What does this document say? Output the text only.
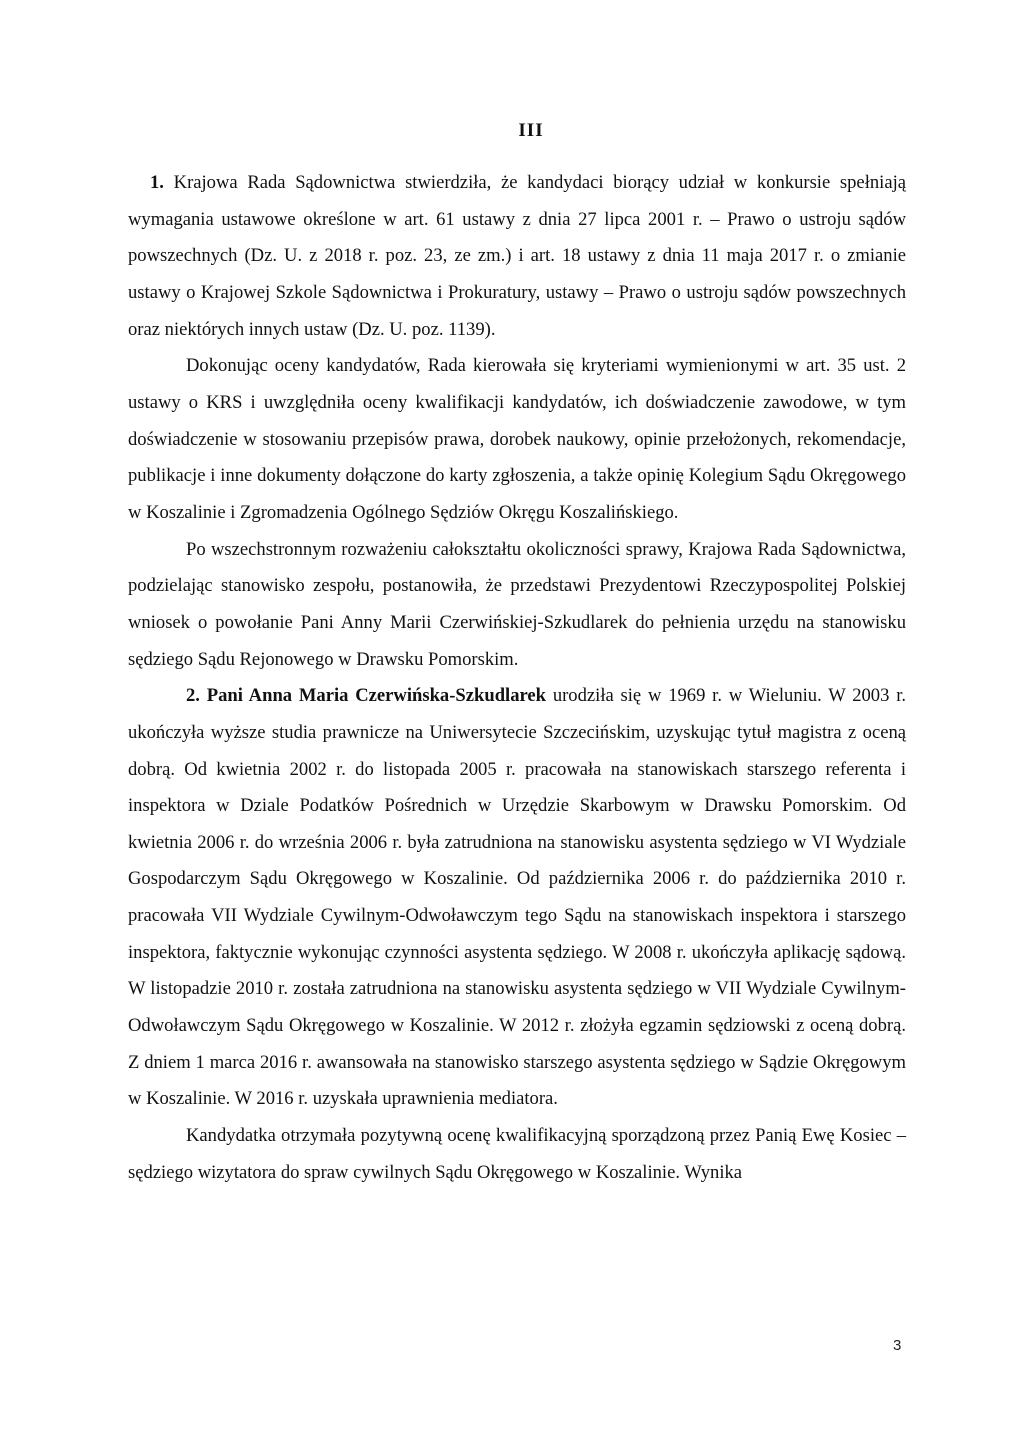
III

1. Krajowa Rada Sądownictwa stwierdziła, że kandydaci biorący udział w konkursie spełniają wymagania ustawowe określone w art. 61 ustawy z dnia 27 lipca 2001 r. – Prawo o ustroju sądów powszechnych (Dz. U. z 2018 r. poz. 23, ze zm.) i art. 18 ustawy z dnia 11 maja 2017 r. o zmianie ustawy o Krajowej Szkole Sądownictwa i Prokuratury, ustawy – Prawo o ustroju sądów powszechnych oraz niektórych innych ustaw (Dz. U. poz. 1139).

Dokonując oceny kandydatów, Rada kierowała się kryteriami wymienionymi w art. 35 ust. 2 ustawy o KRS i uwzględniła oceny kwalifikacji kandydatów, ich doświadczenie zawodowe, w tym doświadczenie w stosowaniu przepisów prawa, dorobek naukowy, opinie przełożonych, rekomendacje, publikacje i inne dokumenty dołączone do karty zgłoszenia, a także opinię Kolegium Sądu Okręgowego w Koszalinie i Zgromadzenia Ogólnego Sędziów Okręgu Koszalińskiego.

Po wszechstronnym rozważeniu całokształtu okoliczności sprawy, Krajowa Rada Sądownictwa, podzielając stanowisko zespołu, postanowiła, że przedstawi Prezydentowi Rzeczypospolitej Polskiej wniosek o powołanie Pani Anny Marii Czerwińskiej-Szkudlarek do pełnienia urzędu na stanowisku sędziego Sądu Rejonowego w Drawsku Pomorskim.

2. Pani Anna Maria Czerwińska-Szkudlarek urodziła się w 1969 r. w Wieluniu. W 2003 r. ukończyła wyższe studia prawnicze na Uniwersytecie Szczecińskim, uzyskując tytuł magistra z oceną dobrą. Od kwietnia 2002 r. do listopada 2005 r. pracowała na stanowiskach starszego referenta i inspektora w Dziale Podatków Pośrednich w Urzędzie Skarbowym w Drawsku Pomorskim. Od kwietnia 2006 r. do września 2006 r. była zatrudniona na stanowisku asystenta sędziego w VI Wydziale Gospodarczym Sądu Okręgowego w Koszalinie. Od października 2006 r. do października 2010 r. pracowała VII Wydziale Cywilnym-Odwoławczym tego Sądu na stanowiskach inspektora i starszego inspektora, faktycznie wykonując czynności asystenta sędziego. W 2008 r. ukończyła aplikację sądową. W listopadzie 2010 r. została zatrudniona na stanowisku asystenta sędziego w VII Wydziale Cywilnym-Odwoławczym Sądu Okręgowego w Koszalinie. W 2012 r. złożyła egzamin sędziowski z oceną dobrą. Z dniem 1 marca 2016 r. awansowała na stanowisko starszego asystenta sędziego w Sądzie Okręgowym w Koszalinie. W 2016 r. uzyskała uprawnienia mediatora.

Kandydatka otrzymała pozytywną ocenę kwalifikacyjną sporządzoną przez Panią Ewę Kosiec – sędziego wizytatora do spraw cywilnych Sądu Okręgowego w Koszalinie. Wynika

3
